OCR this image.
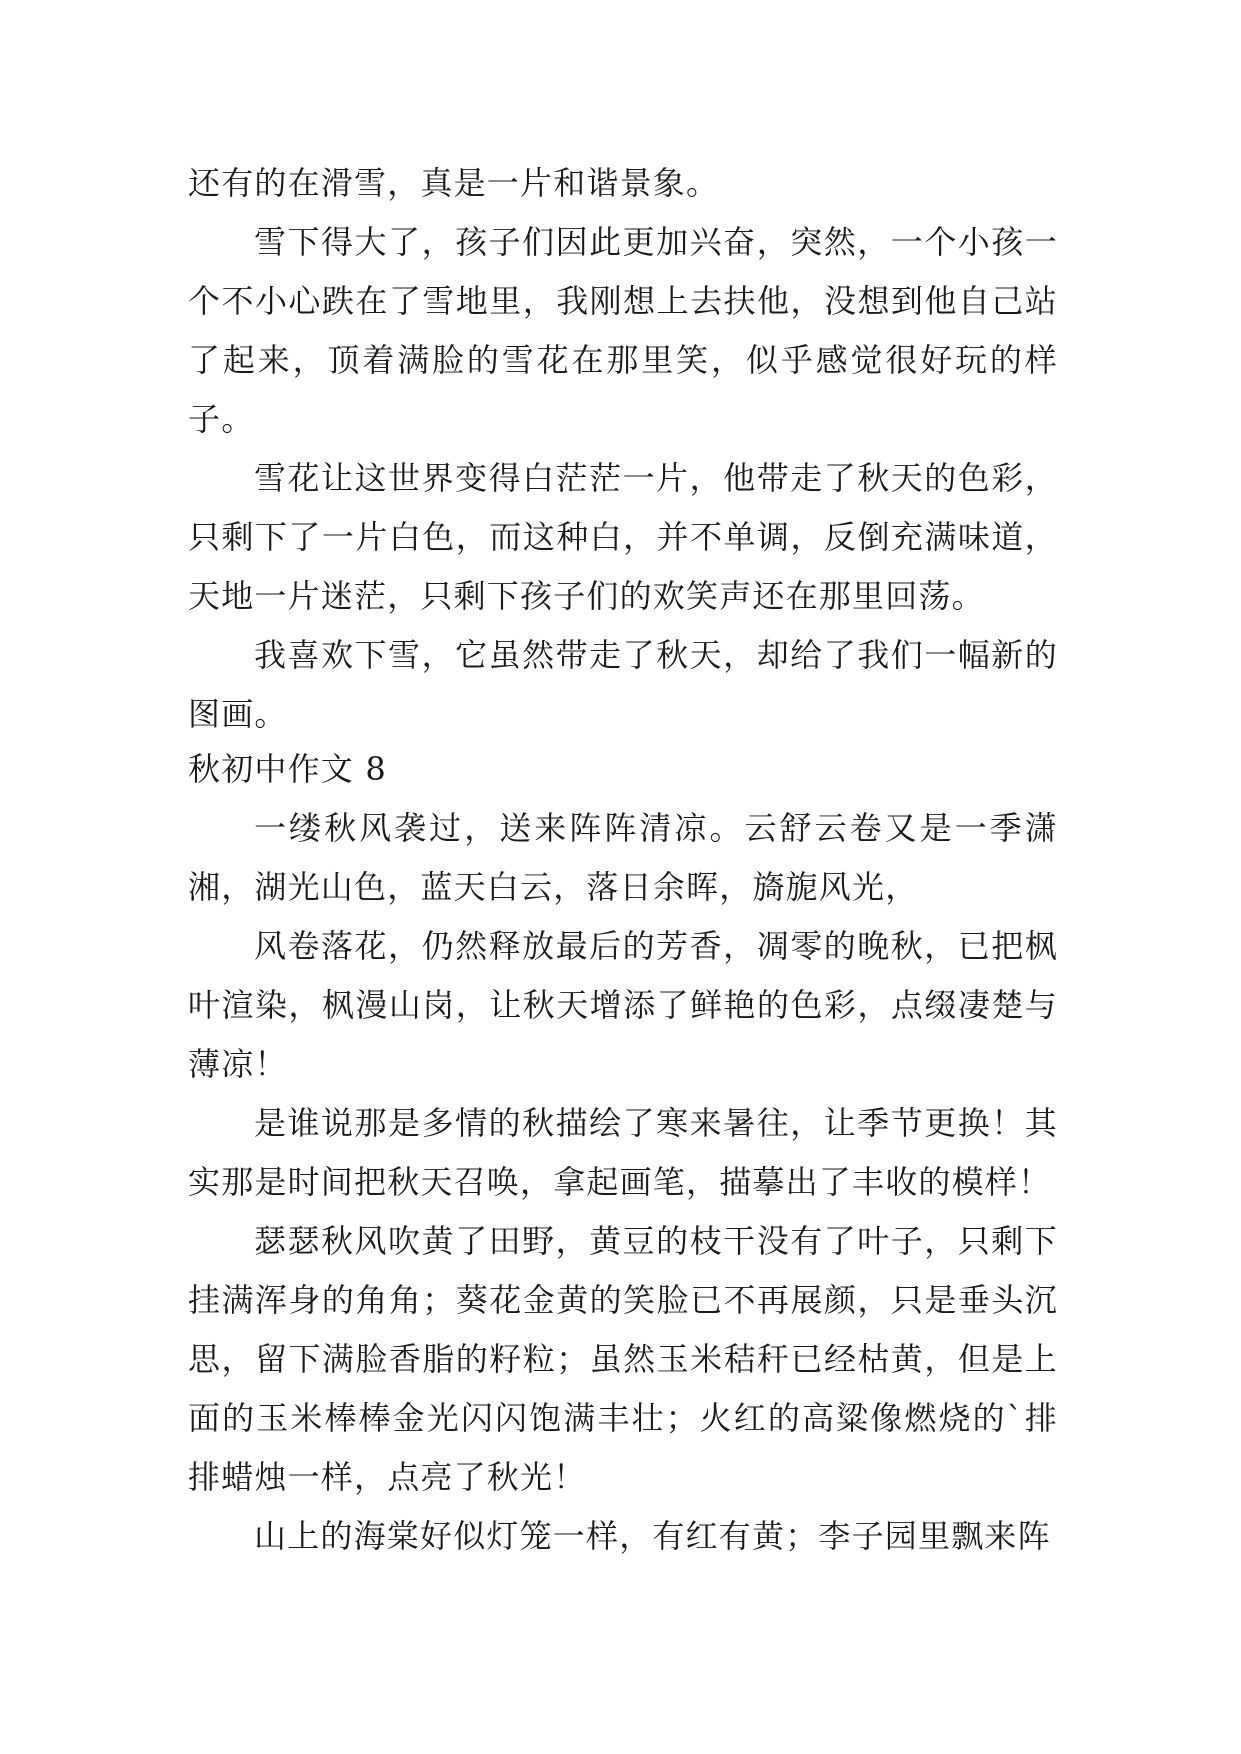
还有的在滑雪，真是一片和谐景象。

雪下得大了，孩子们因此更加兴奋，突然，一个小孩一个不小心跌在了雪地里，我刚想上去扶他，没想到他自己站了起来，顶着满脸的雪花在那里笑，似乎感觉很好玩的样子。

雪花让这世界变得白茫茫一片，他带走了秋天的色彩，只剩下了一片白色，而这种白，并不单调，反倒充满味道，天地一片迷茫，只剩下孩子们的欢笑声还在那里回荡。

我喜欢下雪，它虽然带走了秋天，却给了我们一幅新的图画。

秋初中作文 8

一缕秋风袭过，送来阵阵清凉。云舒云卷又是一季潇湘，湖光山色，蓝天白云，落日余晖，旖旎风光，

风卷落花，仍然释放最后的芳香，凋零的晚秋，已把枫叶渲染，枫漫山岗，让秋天增添了鲜艳的色彩，点缀凄楚与薄凉！

是谁说那是多情的秋描绘了寒来暑往，让季节更换！其实那是时间把秋天召唤，拿起画笔，描摹出了丰收的模样！

瑟瑟秋风吹黄了田野，黄豆的枝干没有了叶子，只剩下挂满浑身的角角；葵花金黄的笑脸已不再展颜，只是垂头沉思，留下满脸香脂的籽粒；虽然玉米秸秆已经枯黄，但是上面的玉米棒棒金光闪闪饱满丰壮；火红的高粱像燃烧的`排排蜡烛一样，点亮了秋光！

山上的海棠好似灯笼一样，有红有黄；李子园里飘来阵
